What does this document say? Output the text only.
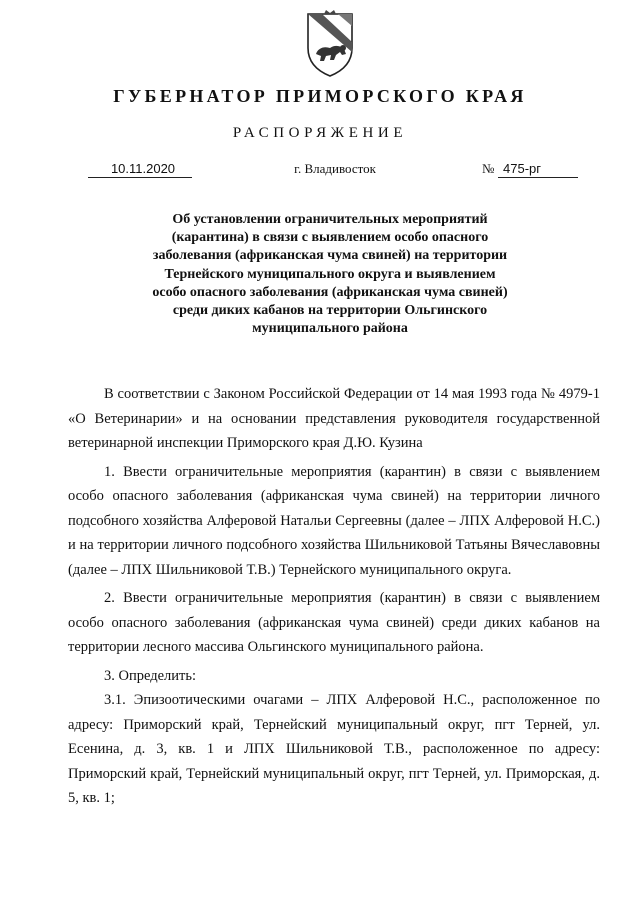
ГУБЕРНАТОР ПРИМОРСКОГО КРАЯ
РАСПОРЯЖЕНИЕ
10.11.2020	г. Владивосток	№ 475-рг
Об установлении ограничительных мероприятий
(карантина) в связи с выявлением особо опасного
заболевания (африканская чума свиней) на территории
Тернейского муниципального округа и выявлением
особо опасного заболевания (африканская чума свиней)
среди диких кабанов на территории Ольгинского
муниципального района

В соответствии с Законом Российской Федерации от 14 мая 1993 года № 4979-1 «О Ветеринарии» и на основании представления руководителя государственной ветеринарной инспекции Приморского края Д.Ю. Кузина

1. Ввести ограничительные мероприятия (карантин) в связи с выявлением особо опасного заболевания (африканская чума свиней) на территории личного подсобного хозяйства Алферовой Натальи Сергеевны (далее – ЛПХ Алферовой Н.С.) и на территории личного подсобного хозяйства Шильниковой Татьяны Вячеславовны (далее – ЛПХ Шильниковой Т.В.) Тернейского муниципального округа.

2. Ввести ограничительные мероприятия (карантин) в связи с выявлением особо опасного заболевания (африканская чума свиней) среди диких кабанов на территории лесного массива Ольгинского муниципального района.

3. Определить:

3.1. Эпизоотическими очагами – ЛПХ Алферовой Н.С., расположенное по адресу: Приморский край, Тернейский муниципальный округ, пгт Терней, ул. Есенина, д. 3, кв. 1 и ЛПХ Шильниковой Т.В., расположенное по адресу: Приморский край, Тернейский муниципальный округ, пгт Терней, ул. Приморская, д. 5, кв. 1;
